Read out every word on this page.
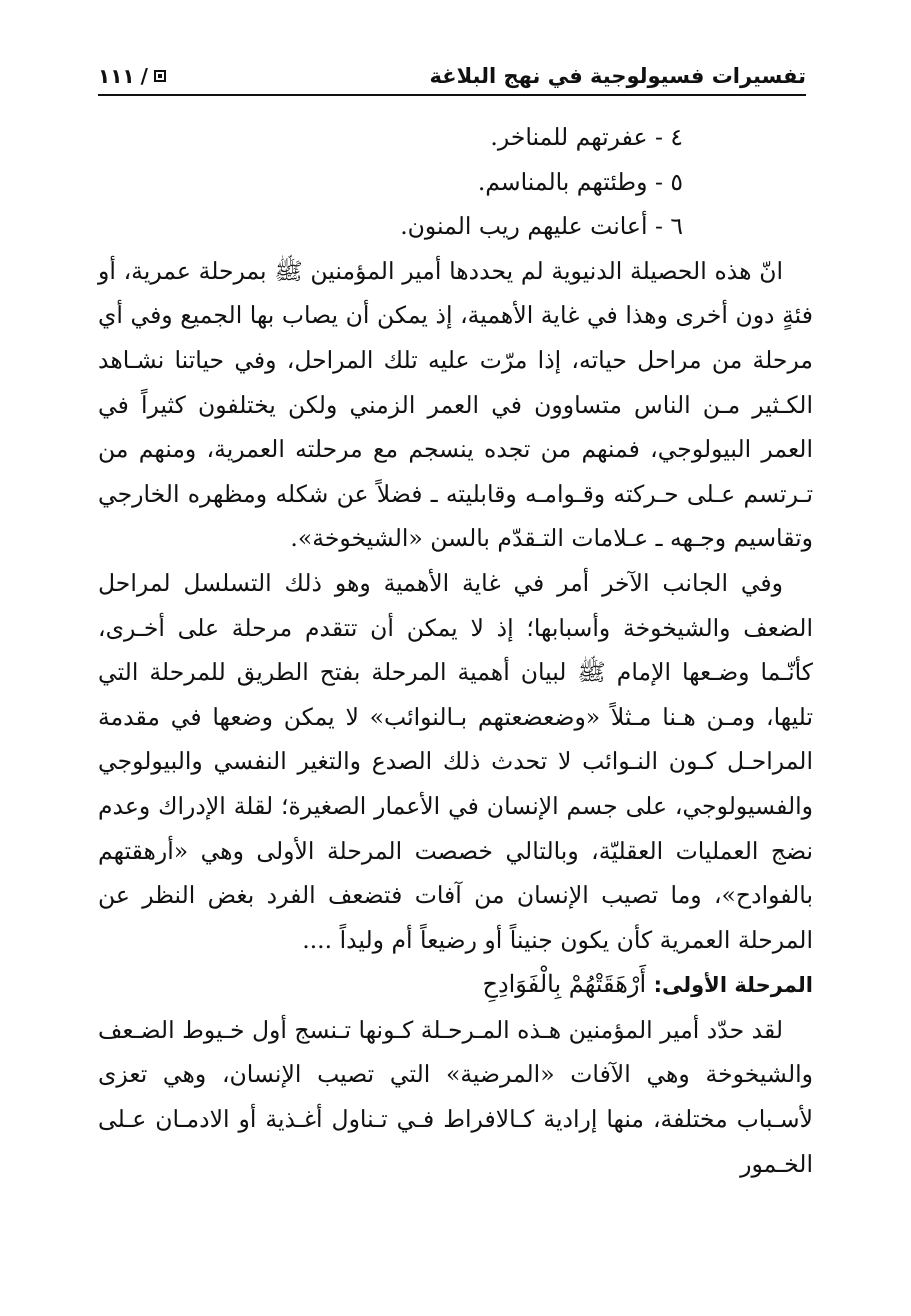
تفسيرات فسيولوجية في نهج البلاغة
١١١ /

٤ - عفرتهم للمناخر.

٥ - وطئتهم بالمناسم.

٦ - أعانت عليهم ريب المنون.

انّ هذه الحصيلة الدنيوية لم يحددها أمير المؤمنين ﷺ بمرحلة عمرية، أو فئةٍ دون أخرى وهذا في غاية الأهمية، إذ يمكن أن يصاب بها الجميع وفي أي مرحلة من مراحل حياته، إذا مرّت عليه تلك المراحل، وفي حياتنا نشـاهد الكـثير مـن الناس متساوون في العمر الزمني ولكن يختلفون كثيراً في العمر البيولوجي، فمنهم من تجده ينسجم مع مرحلته العمرية، ومنهم من تـرتسم عـلى حـركته وقـوامـه وقابليته ـ فضلاً عن شكله ومظهره الخارجي وتقاسيم وجـهه ـ عـلامات التـقدّم بالسن «الشيخوخة».

وفي الجانب الآخر أمر في غاية الأهمية وهو ذلك التسلسل لمراحل الضعف والشيخوخة وأسبابها؛ إذ لا يمكن أن تتقدم مرحلة على أخـرى، كأنّـما وضـعها الإمام ﷺ لبيان أهمية المرحلة بفتح الطريق للمرحلة التي تليها، ومـن هـنا مـثلاً «وضعضعتهم بـالنوائب» لا يمكن وضعها في مقدمة المراحـل كـون النـوائب لا تحدث ذلك الصدع والتغير النفسي والبيولوجي والفسيولوجي، على جسم الإنسان في الأعمار الصغيرة؛ لقلة الإدراك وعدم نضج العمليات العقليّة، وبالتالي خصصت المرحلة الأولى وهي «أرهقتهم بالفوادح»، وما تصيب الإنسان من آفات فتضعف الفرد بغض النظر عن المرحلة العمرية كأن يكون جنيناً أو رضيعاً أم وليداً ....

المرحلة الأولى: أَرْهَقَتْهُمْ بِالْفَوَادِحِ

لقد حدّد أمير المؤمنين هـذه المـرحـلة كـونها تـنسج أول خـيوط الضـعف والشيخوخة وهي الآفات «المرضية» التي تصيب الإنسان، وهي تعزى لأسـباب مختلفة، منها إرادية كـالافراط فـي تـناول أغـذية أو الادمـان عـلى الخـمور
